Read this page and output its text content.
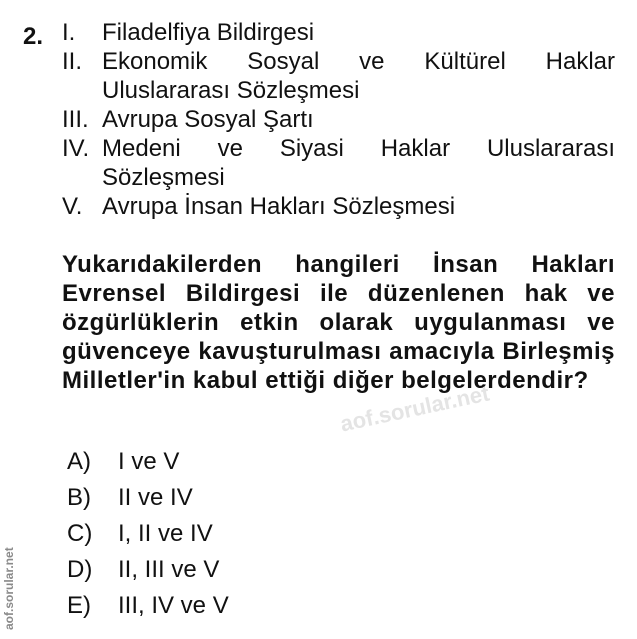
2. I.	Filadelfiya Bildirgesi
II. Ekonomik Sosyal ve Kültürel Haklar Uluslararası Sözleşmesi
III. Avrupa Sosyal Şartı
IV. Medeni ve Siyasi Haklar Uluslararası Sözleşmesi
V. Avrupa İnsan Hakları Sözleşmesi
Yukarıdakilerden hangileri İnsan Hakları Evrensel Bildirgesi ile düzenlenen hak ve özgürlüklerin etkin olarak uygulanması ve güvenceye kavuşturulması amacıyla Birleşmiş Milletler'in kabul ettiği diğer belgelerdendir?
aof.sorular.net
A)	I ve V
B)	II ve IV
C)	I, II ve IV
D)	II, III ve V
E)	III, IV ve V
aof.sorular.net
